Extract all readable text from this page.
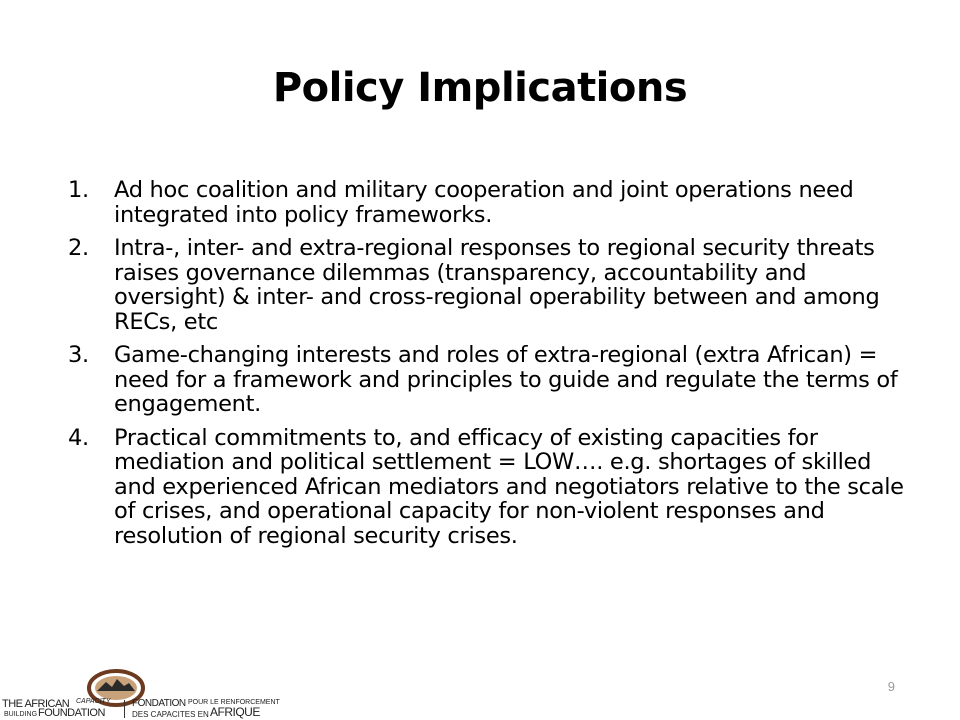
Policy Implications
1.	Ad hoc coalition and military cooperation and joint operations need integrated into policy frameworks.
2.	Intra-, inter- and extra-regional responses to regional security threats raises governance dilemmas (transparency, accountability and oversight) & inter- and cross-regional operability between and among RECs, etc
3.	Game-changing interests and roles of extra-regional (extra African) = need for a framework and principles to guide and regulate the terms of engagement.
4.	Practical commitments to, and efficacy of existing capacities for mediation and political settlement = LOW…. e.g. shortages of skilled and experienced African mediators and negotiators relative to the scale of crises, and operational capacity for non-violent responses and resolution of regional security crises.
9
THE AFRICAN CAPACITY
BUILDING FOUNDATION
FONDATION POUR LE RENFORCEMENT
DES CAPACITES EN AFRIQUE
